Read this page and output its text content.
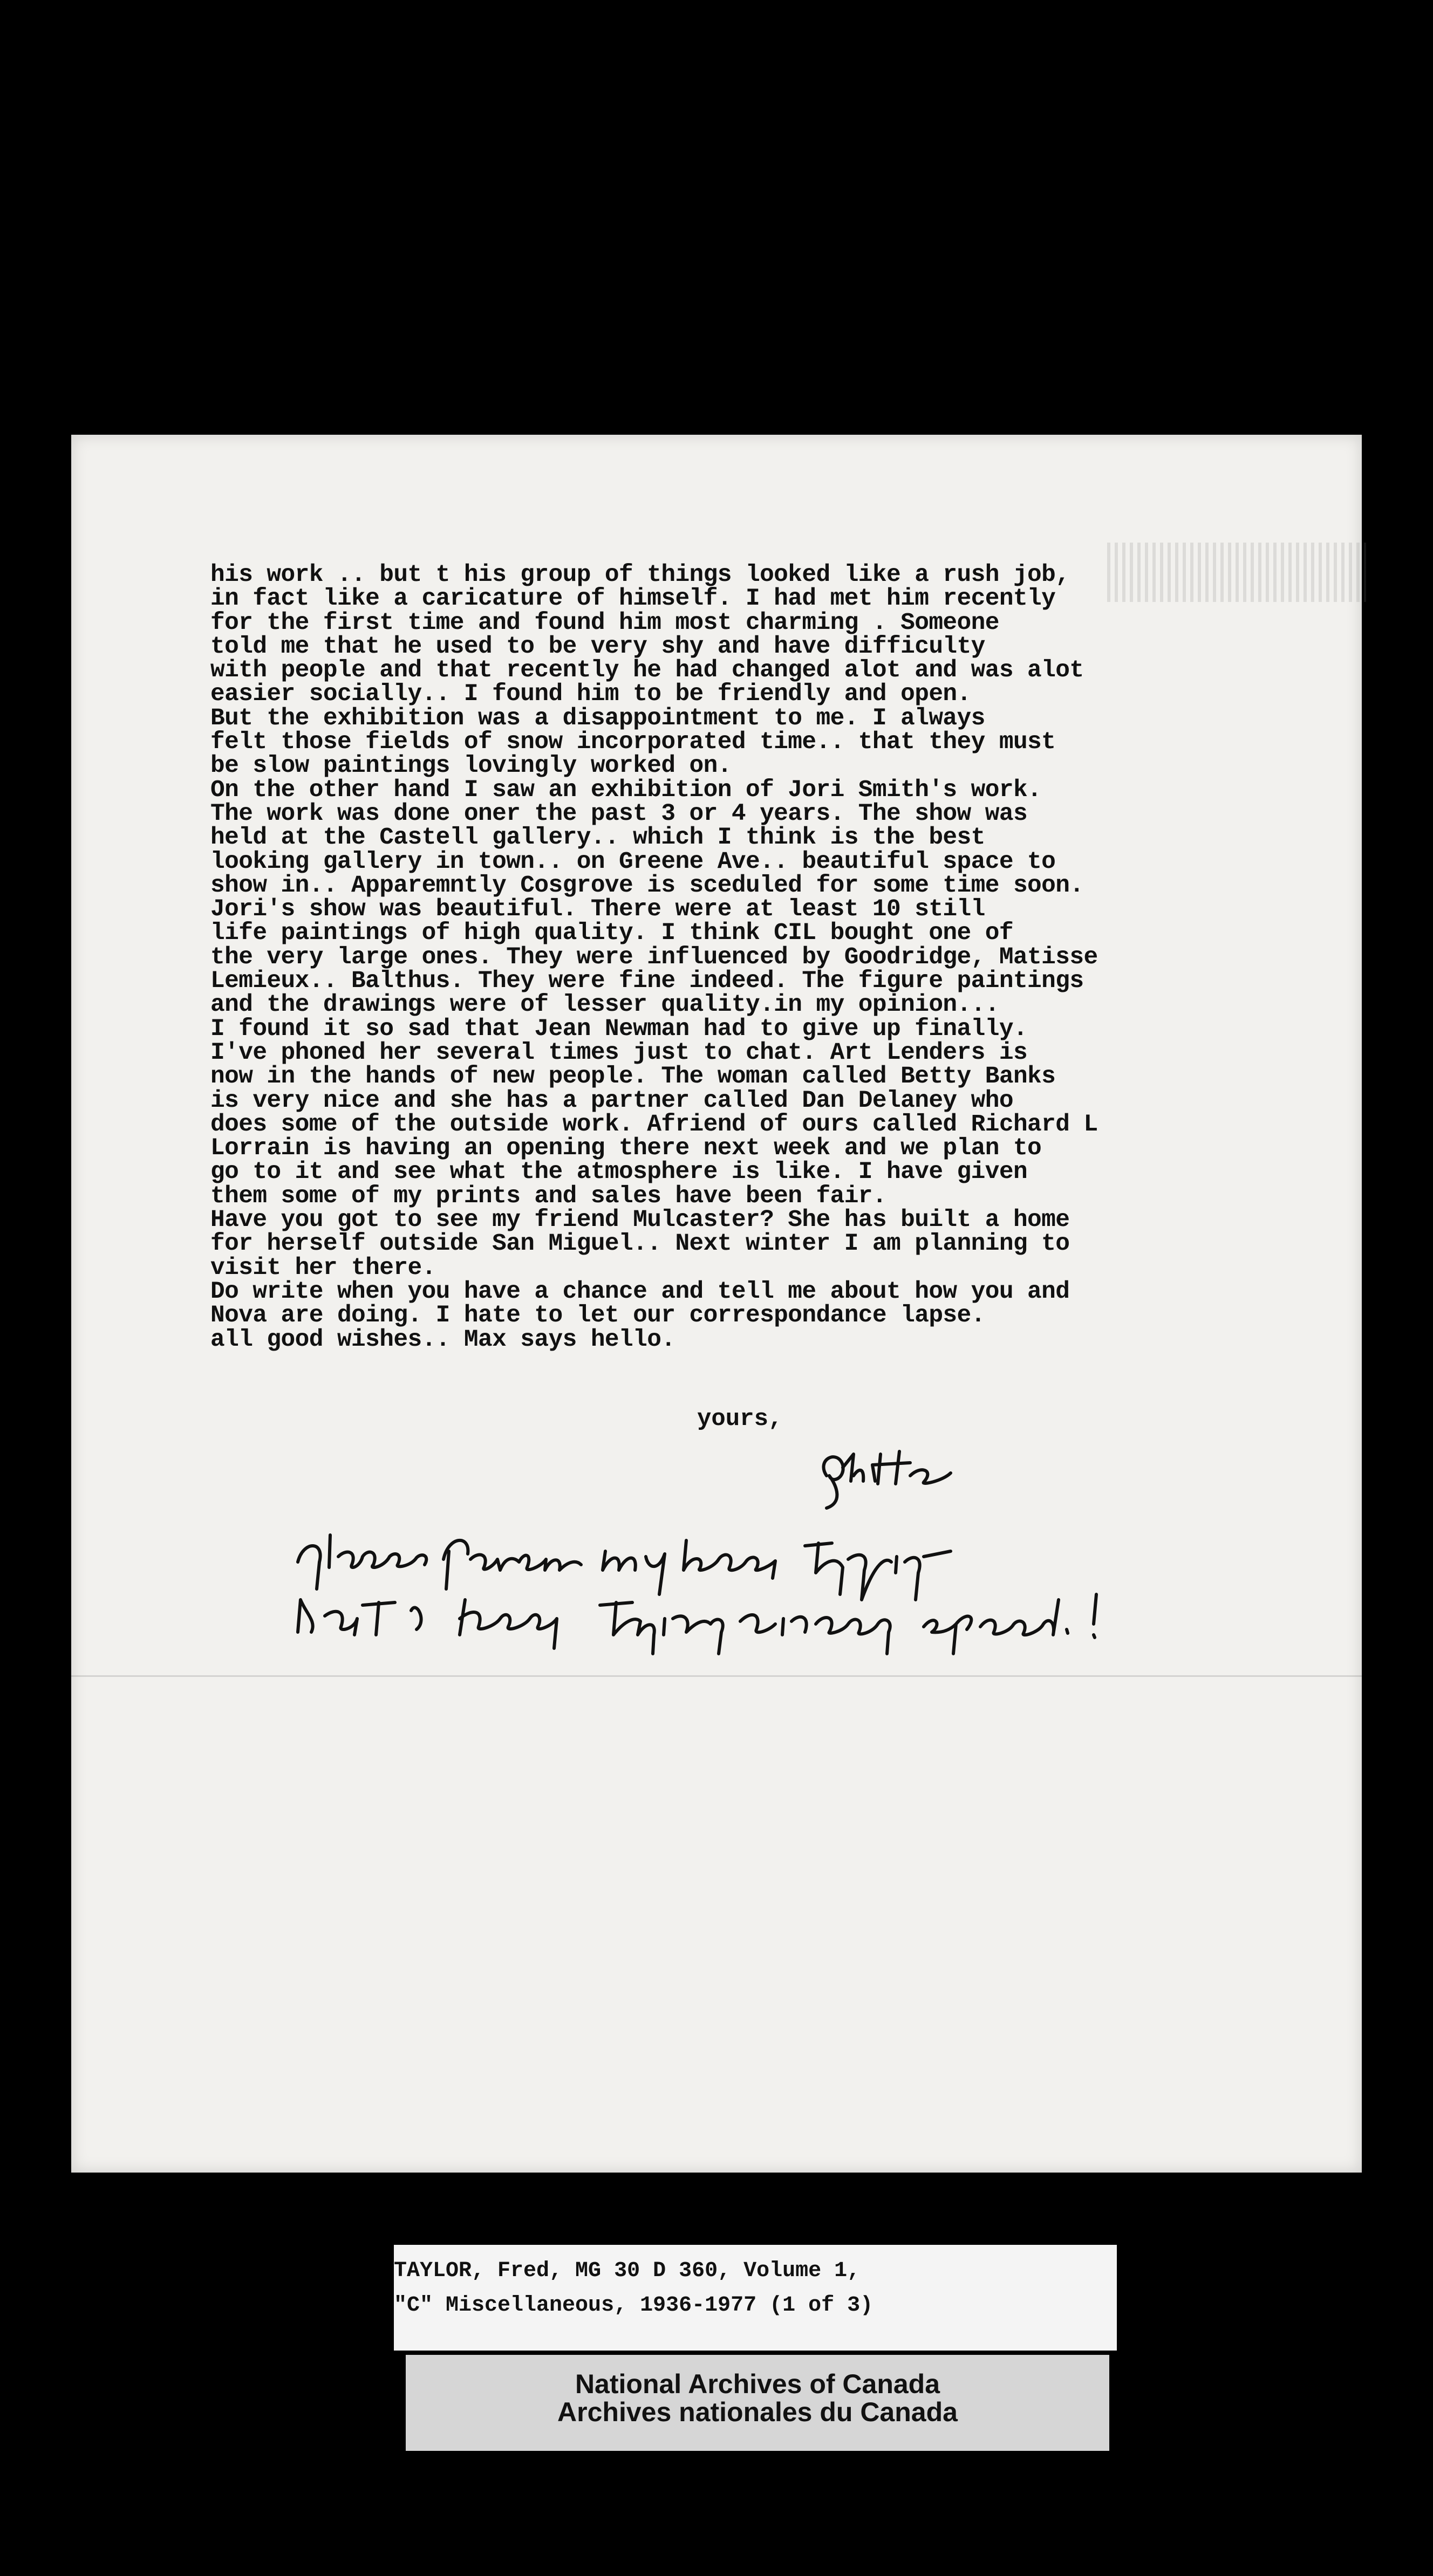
his work .. but t his group of things looked like a rush job,
in fact like a caricature of himself. I had met him recently
for the first time and found him most charming . Someone
told me that he used to be very shy and have difficulty
with people and that recently he had changed alot and was alot
easier socially.. I found him to be friendly and open.
But the exhibition was a disappointment to me. I always
felt those fields of snow incorporated time.. that they must
be slow paintings lovingly worked on.
On the other hand I saw an exhibition of Jori Smith's work.
The work was done oner the past 3 or 4 years. The show was
held at the Castell gallery.. which I think is the best
looking gallery in town.. on Greene Ave.. beautiful space to
show in.. Apparemntly Cosgrove is sceduled for some time soon.
Jori's show was beautiful. There were at least 10 still
life paintings of high quality. I think CIL bought one of
the very large ones. They were influenced by Goodridge, Matisse
Lemieux.. Balthus. They were fine indeed. The figure paintings
and the drawings were of lesser quality.in my opinion...
I found it so sad that Jean Newman had to give up finally.
I've phoned her several times just to chat. Art Lenders is
now in the hands of new people. The woman called Betty Banks
is very nice and she has a partner called Dan Delaney who
does some of the outside work. Afriend of ours called Richard L
Lorrain is having an opening there next week and we plan to
go to it and see what the atmosphere is like. I have given
them some of my prints and sales have been fair.
Have you got to see my friend Mulcaster? She has built a home
for herself outside San Miguel.. Next winter I am planning to
visit her there.
Do write when you have a chance and tell me about how you and
Nova are doing. I hate to let our correspondance lapse.
all good wishes.. Max says hello.
yours,
TAYLOR, Fred, MG 30 D 360, Volume 1,
"C" Miscellaneous, 1936-1977 (1 of 3)
National Archives of Canada
Archives nationales du Canada
